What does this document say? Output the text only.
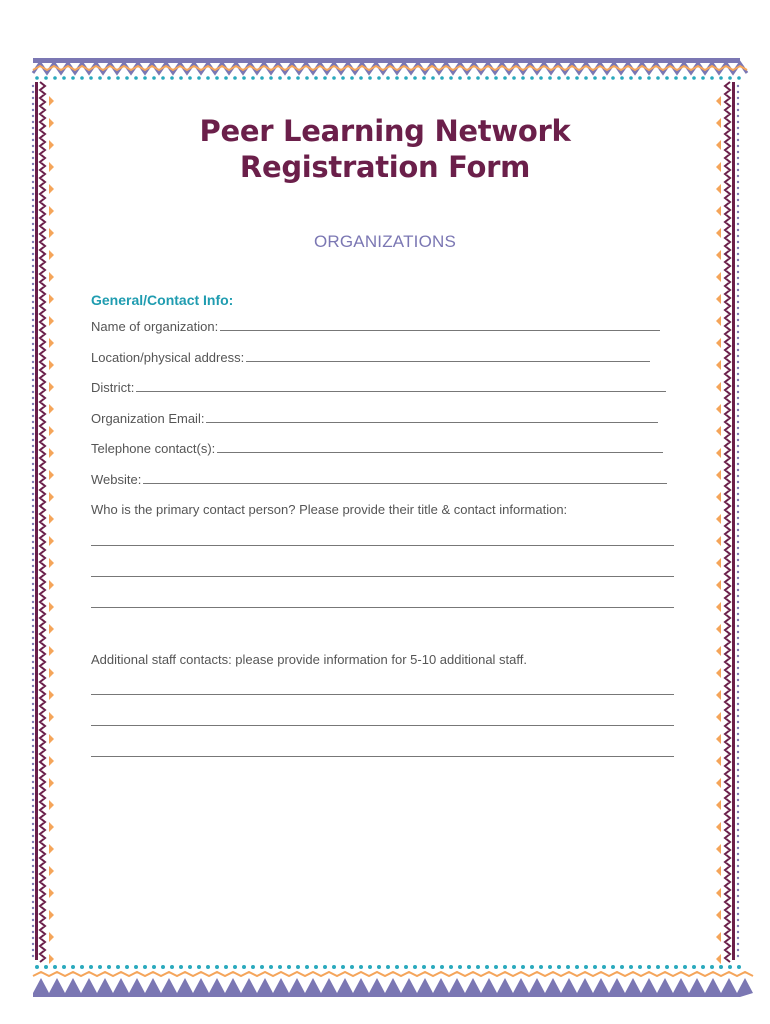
Peer Learning Network
Registration Form
ORGANIZATIONS
General/Contact Info:
Name of organization:
Location/physical address:
District:
Organization Email:
Telephone contact(s):
Website:
Who is the primary contact person? Please provide their title & contact information:
Additional staff contacts: please provide information for 5-10 additional staff.
